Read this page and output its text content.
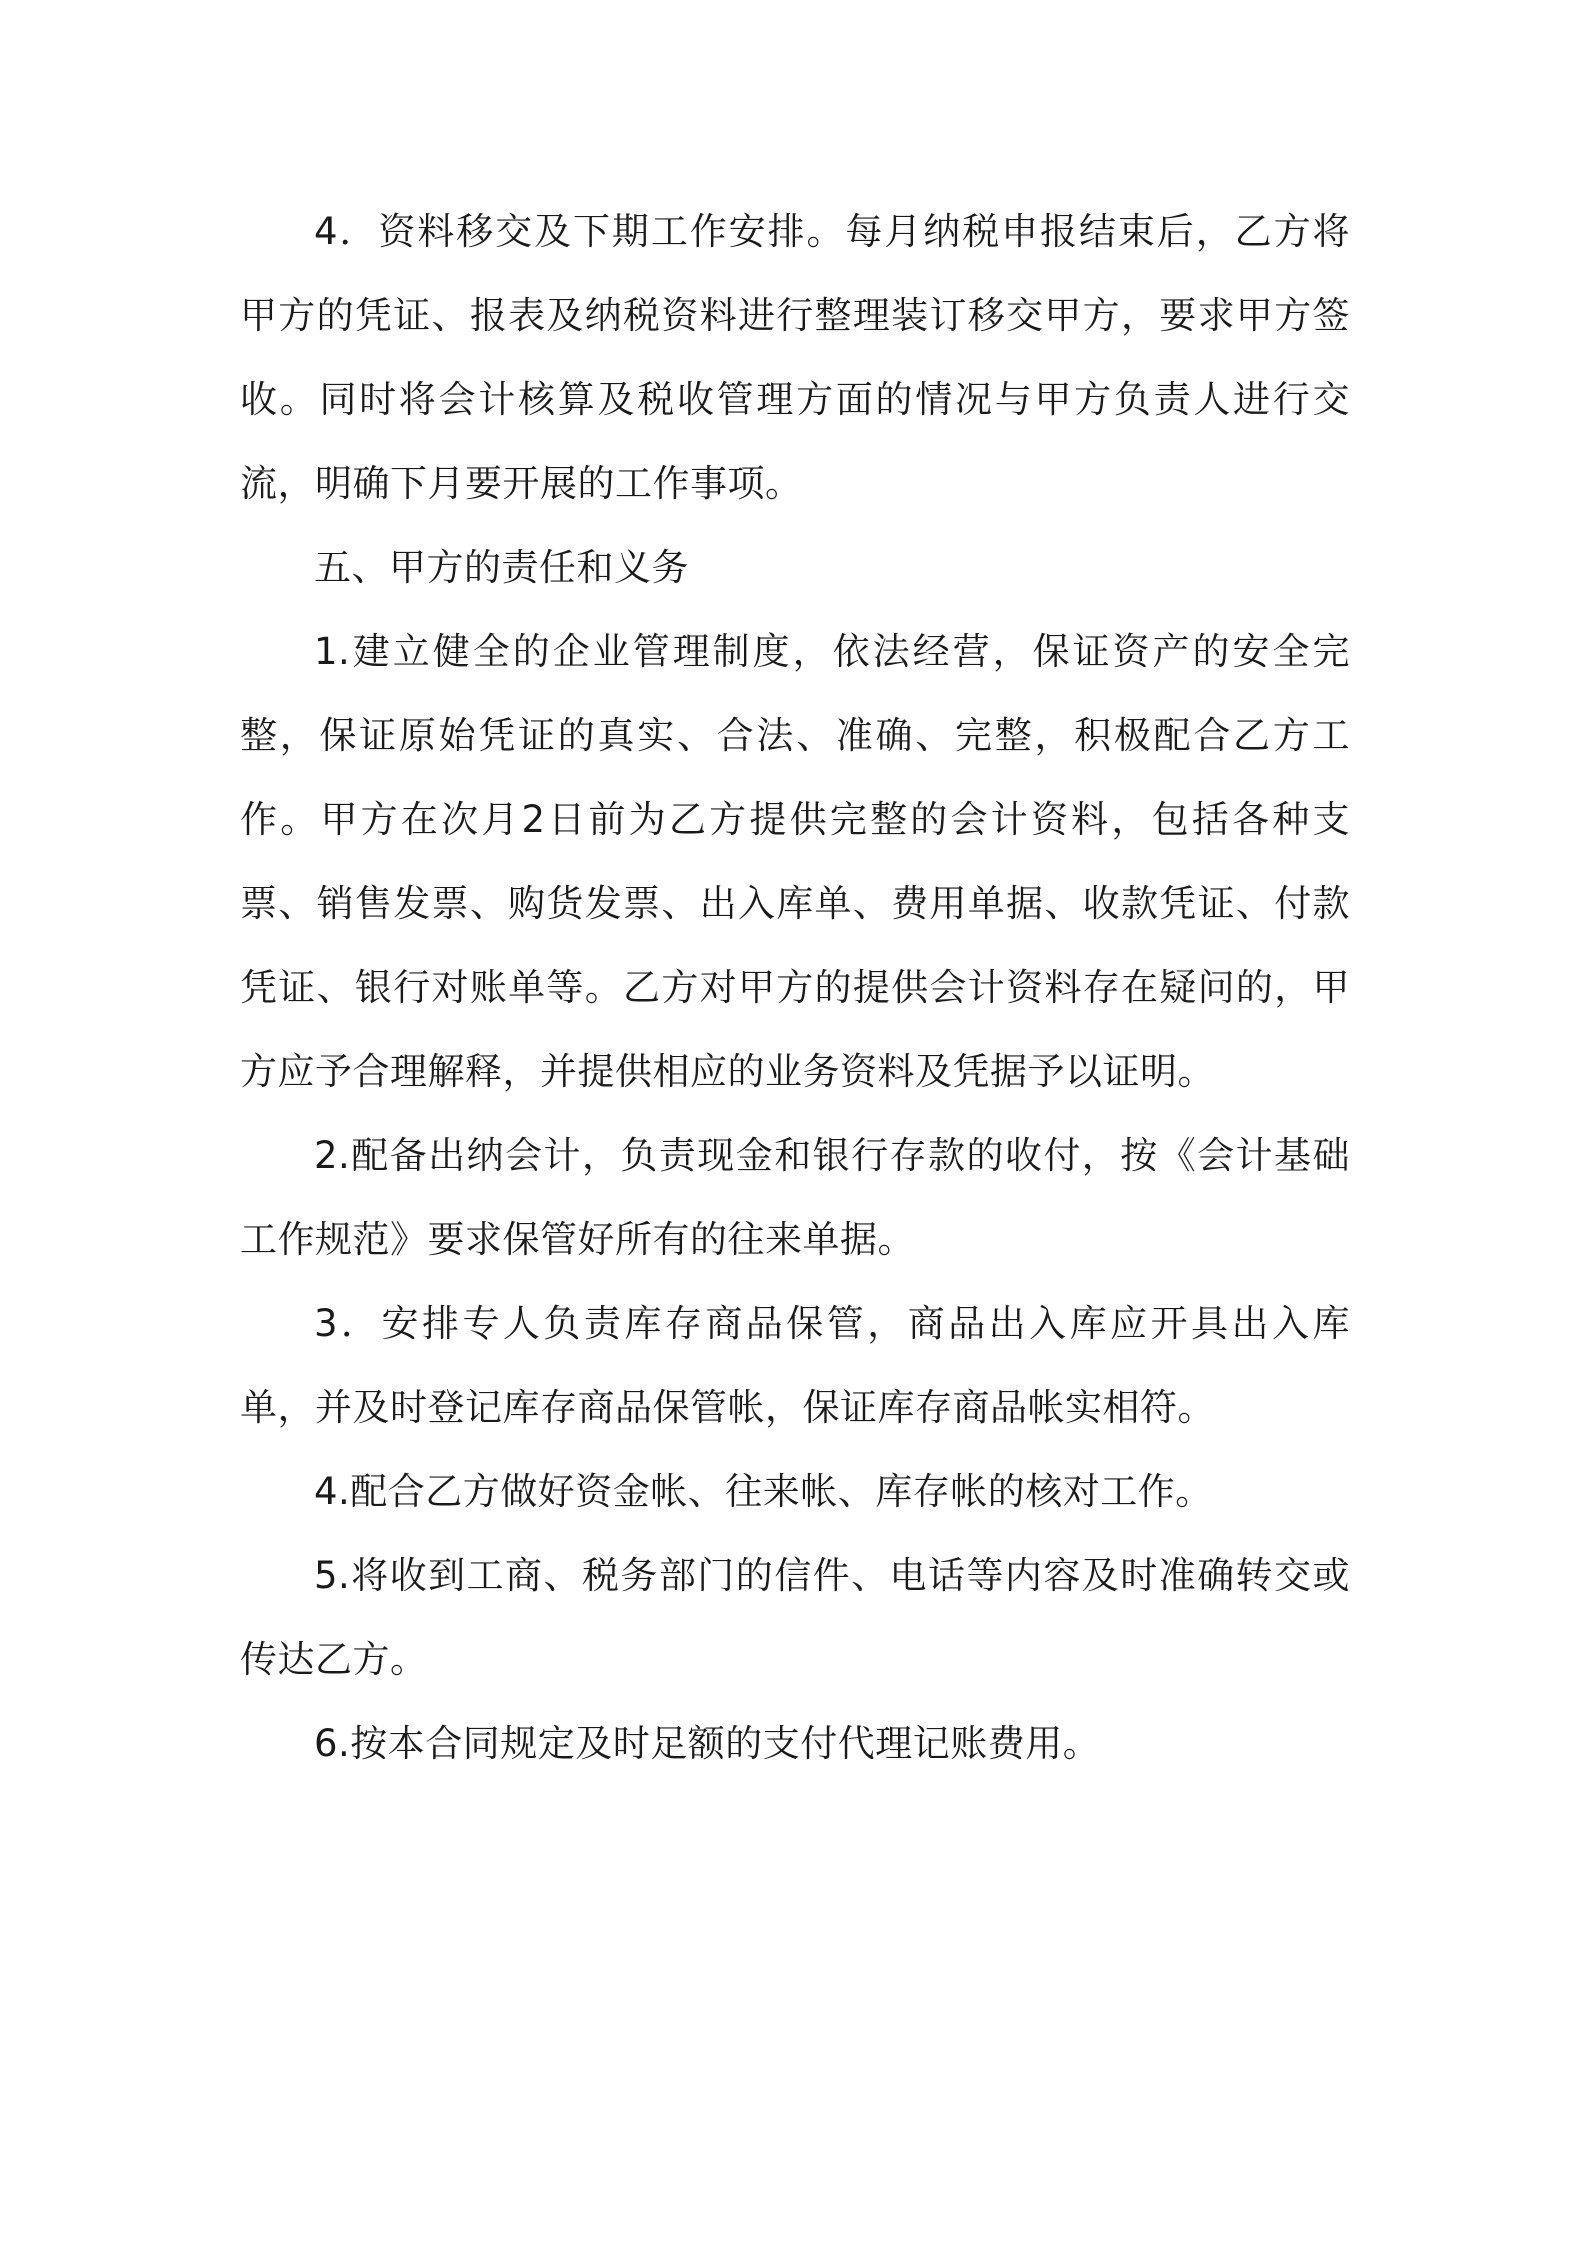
4．资料移交及下期工作安排。每月纳税申报结束后，乙方将甲方的凭证、报表及纳税资料进行整理装订移交甲方，要求甲方签收。同时将会计核算及税收管理方面的情况与甲方负责人进行交流，明确下月要开展的工作事项。

五、甲方的责任和义务

1.建立健全的企业管理制度，依法经营，保证资产的安全完整，保证原始凭证的真实、合法、准确、完整，积极配合乙方工作。甲方在次月2日前为乙方提供完整的会计资料，包括各种支票、销售发票、购货发票、出入库单、费用单据、收款凭证、付款凭证、银行对账单等。乙方对甲方的提供会计资料存在疑问的，甲方应予合理解释，并提供相应的业务资料及凭据予以证明。

2.配备出纳会计，负责现金和银行存款的收付，按《会计基础工作规范》要求保管好所有的往来单据。

3．安排专人负责库存商品保管，商品出入库应开具出入库单，并及时登记库存商品保管帐，保证库存商品帐实相符。

4.配合乙方做好资金帐、往来帐、库存帐的核对工作。

5.将收到工商、税务部门的信件、电话等内容及时准确转交或传达乙方。

6.按本合同规定及时足额的支付代理记账费用。
